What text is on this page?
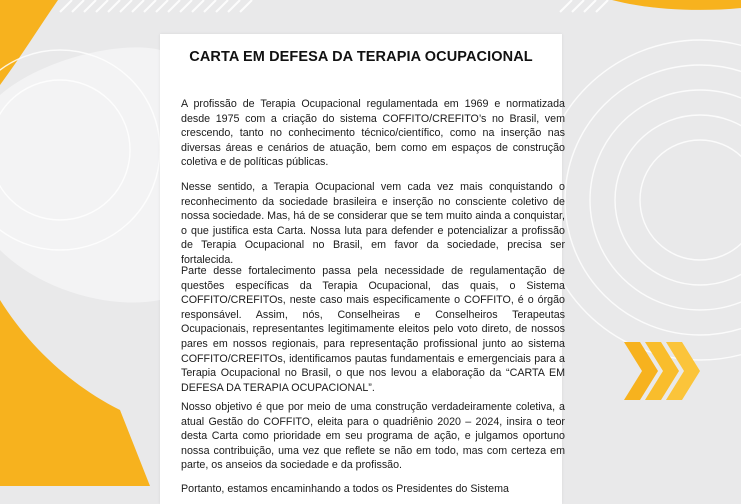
CARTA EM DEFESA DA TERAPIA OCUPACIONAL

A profissão de Terapia Ocupacional regulamentada em 1969 e normatizada desde 1975 com a criação do sistema COFFITO/CREFITO’s no Brasil, vem crescendo, tanto no conhecimento técnico/científico, como na inserção nas diversas áreas e cenários de atuação, bem como em espaços de construção coletiva e de políticas públicas.

Nesse sentido, a Terapia Ocupacional vem cada vez mais conquistando o reconhecimento da sociedade brasileira e inserção no consciente coletivo de nossa sociedade. Mas, há de se considerar que se tem muito ainda a conquistar, o que justifica esta Carta. Nossa luta para defender e potencializar a profissão de Terapia Ocupacional no Brasil, em favor da sociedade, precisa ser fortalecida.

Parte desse fortalecimento passa pela necessidade de regulamentação de questões específicas da Terapia Ocupacional, das quais, o Sistema COFFITO/CREFITOs, neste caso mais especificamente o COFFITO, é o órgão responsável. Assim, nós, Conselheiras e Conselheiros Terapeutas Ocupacionais, representantes legitimamente eleitos pelo voto direto, de nossos pares em nossos regionais, para representação profissional junto ao sistema COFFITO/CREFITOs, identificamos pautas fundamentais e emergenciais para a Terapia Ocupacional no Brasil, o que nos levou a elaboração da “CARTA EM DEFESA DA TERAPIA OCUPACIONAL”.

Nosso objetivo é que por meio de uma construção verdadeiramente coletiva, a atual Gestão do COFFITO, eleita para o quadriênio 2020 – 2024, insira o teor desta Carta como prioridade em seu programa de ação, e julgamos oportuno nossa contribuição, uma vez que reflete se não em todo, mas com certeza em parte, os anseios da sociedade e da profissão.

Portanto, estamos encaminhando a todos os Presidentes do Sistema
